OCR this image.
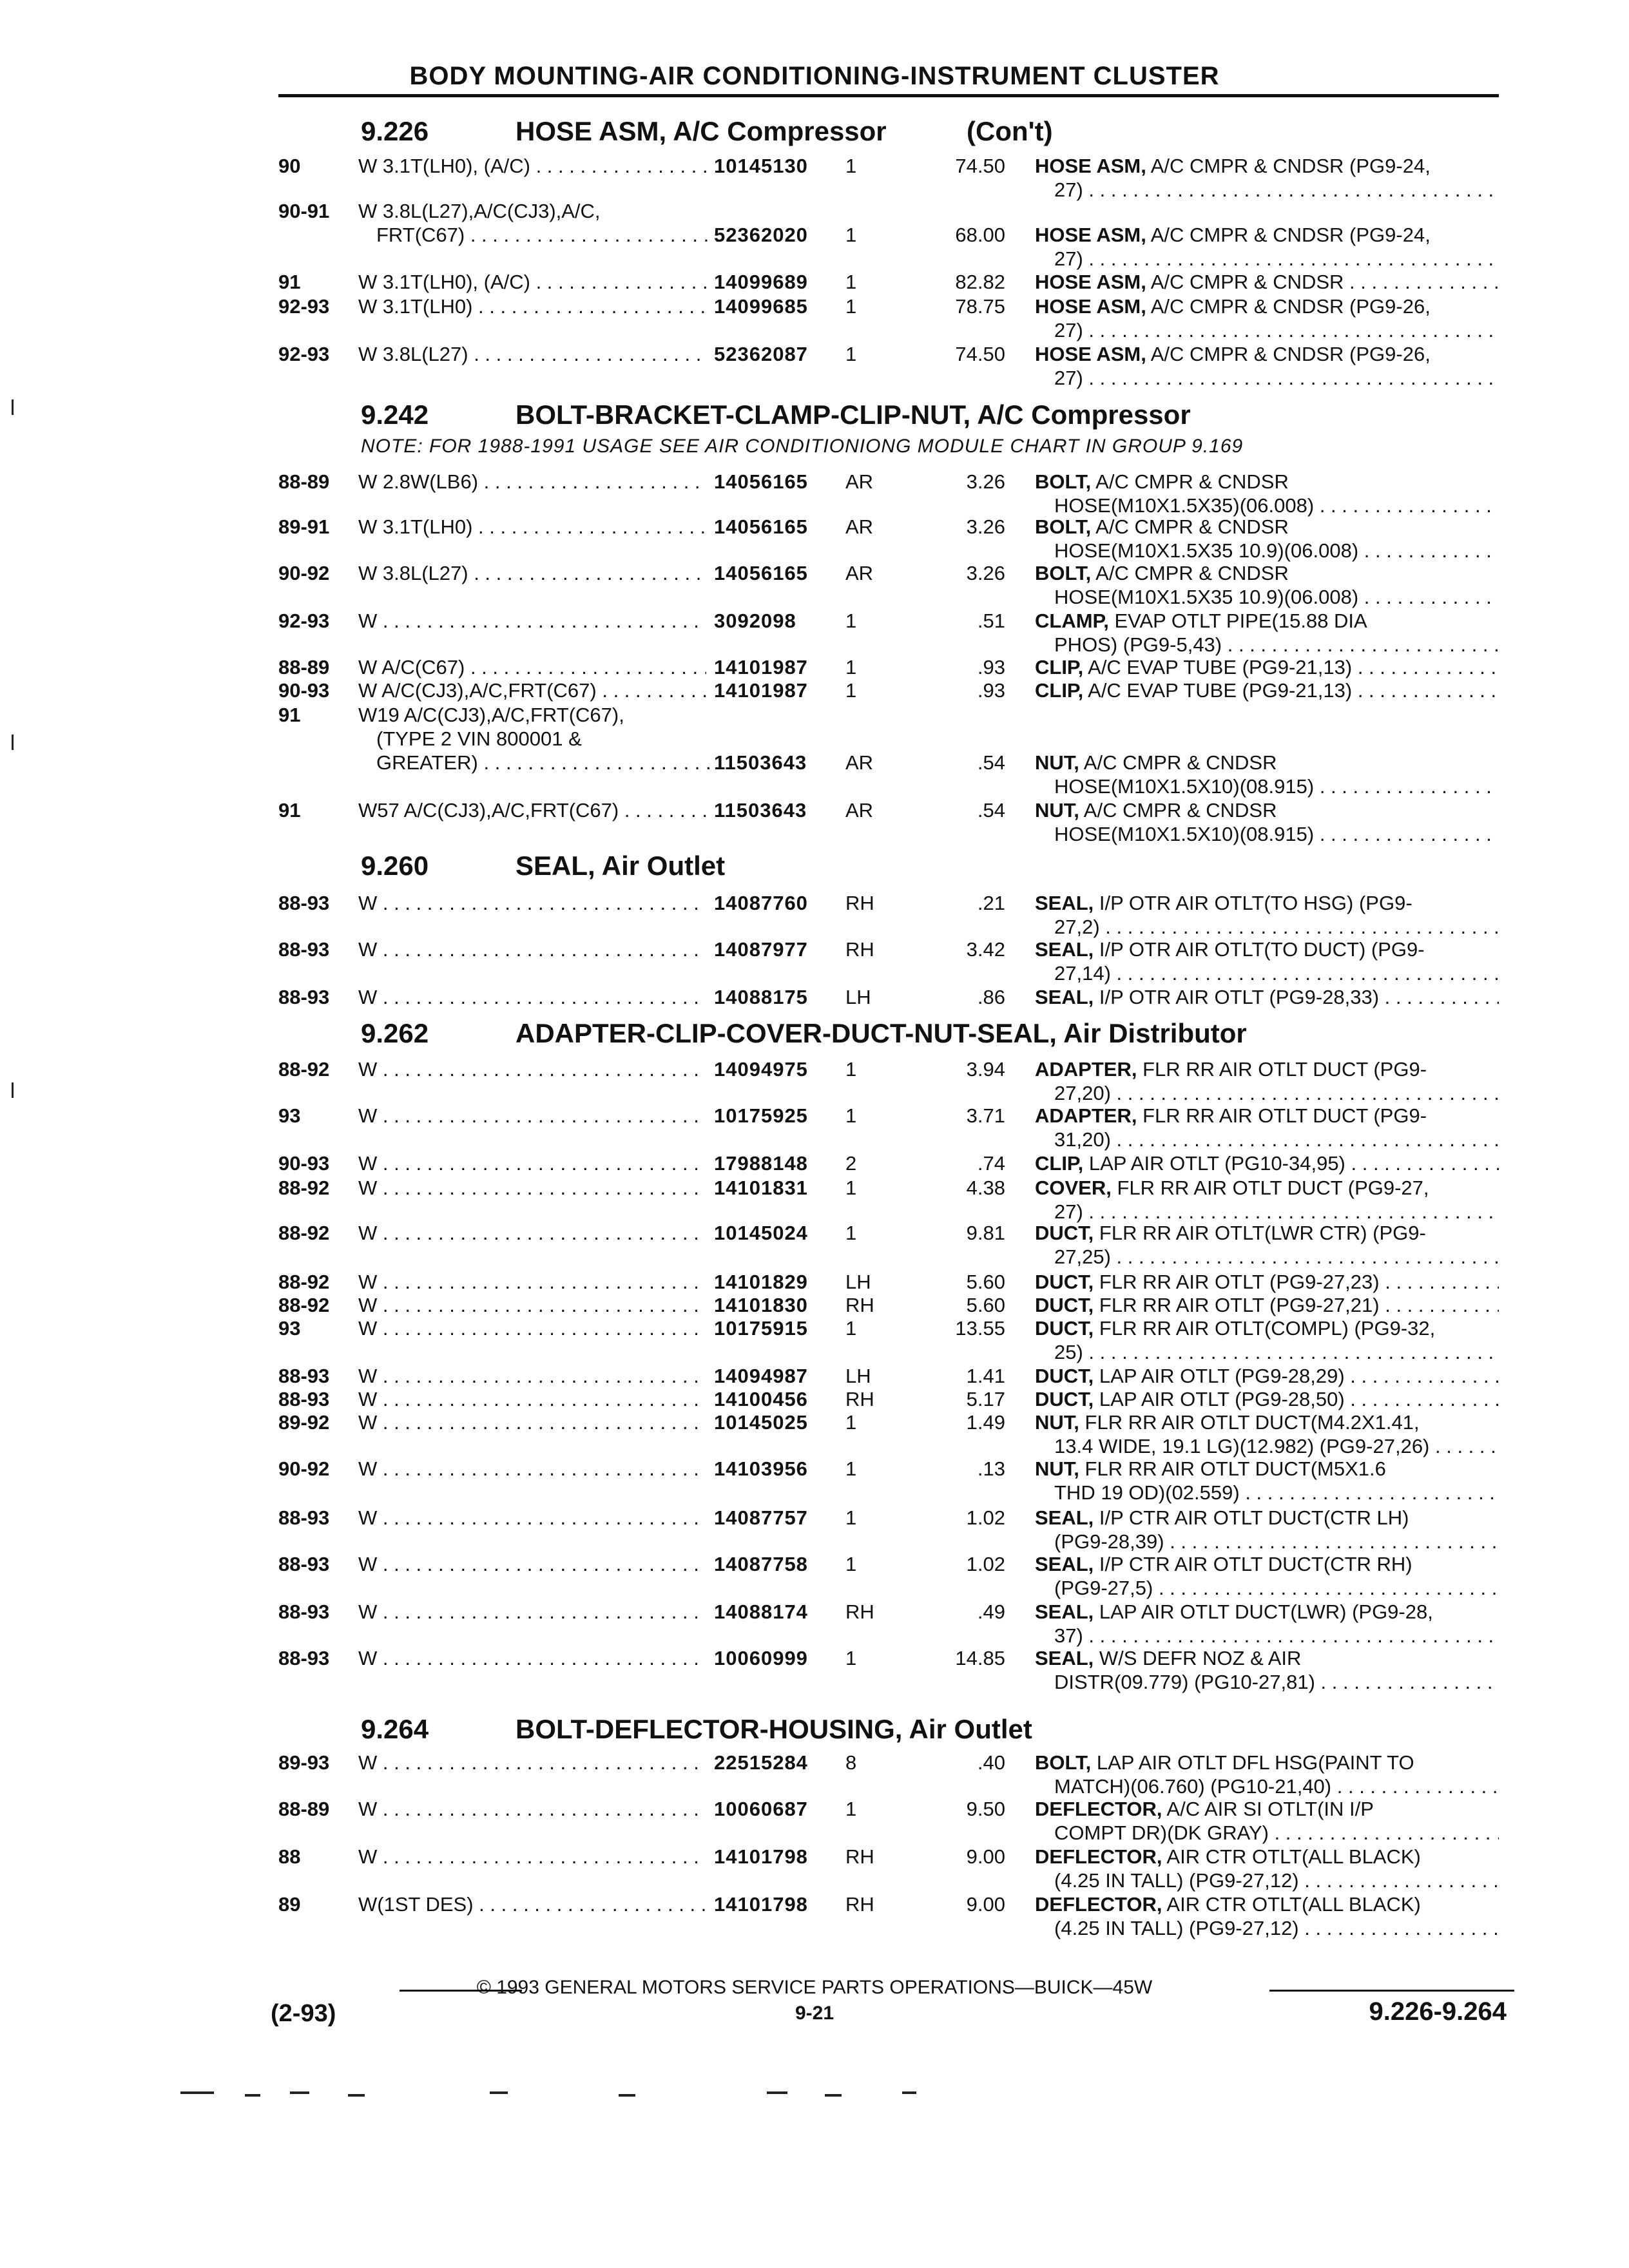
BODY MOUNTING-AIR CONDITIONING-INSTRUMENT CLUSTER
9.226	HOSE ASM, A/C Compressor	(Con't)
90	W 3.1T(LH0), (A/C) . . .	10145130 1	74.50 HOSE ASM, A/C CMPR & CNDSR (PG9-24,
27) . . .
90-91 W 3.8L(L27),A/C(CJ3),A/C,
FRT(C67) . . .	52362020 1	68.00 HOSE ASM, A/C CMPR & CNDSR (PG9-24,
27) . . .
91	W 3.1T(LH0), (A/C) . . .	14099689 1	82.82 HOSE ASM, A/C CMPR & CNDSR . . .
92-93 W 3.1T(LH0) . . .	14099685 1	78.75 HOSE ASM, A/C CMPR & CNDSR (PG9-26,
27) . . .
92-93 W 3.8L(L27) . . .	52362087 1	74.50 HOSE ASM, A/C CMPR & CNDSR (PG9-26,
27) . . .
9.242	BOLT-BRACKET-CLAMP-CLIP-NUT, A/C Compressor
NOTE: FOR 1988-1991 USAGE SEE AIR CONDITIONIONG MODULE CHART IN GROUP 9.169
88-89 W 2.8W(LB6) . . .	14056165 AR	3.26 BOLT, A/C CMPR & CNDSR
HOSE(M10X1.5X35)(06.008) . . .
89-91 W 3.1T(LH0) . . .	14056165 AR	3.26 BOLT, A/C CMPR & CNDSR
HOSE(M10X1.5X35 10.9)(06.008) . . .
90-92 W 3.8L(L27) . . .	14056165 AR	3.26 BOLT, A/C CMPR & CNDSR
HOSE(M10X1.5X35 10.9)(06.008) . . .
92-93 W . . .	3092098 1	.51 CLAMP, EVAP OTLT PIPE(15.88 DIA
PHOS) (PG9-5,43) . . .
88-89 W A/C(C67) . . .	14101987 1	.93 CLIP, A/C EVAP TUBE (PG9-21,13) . . .
90-93 W A/C(CJ3),A/C,FRT(C67) . . .	14101987 1	.93 CLIP, A/C EVAP TUBE (PG9-21,13) . . .
91	W19 A/C(CJ3),A/C,FRT(C67),
(TYPE 2 VIN 800001 &
GREATER) . . .	11503643 AR	.54 NUT, A/C CMPR & CNDSR
HOSE(M10X1.5X10)(08.915) . . .
91	W57 A/C(CJ3),A/C,FRT(C67) . . .	11503643 AR	.54 NUT, A/C CMPR & CNDSR
HOSE(M10X1.5X10)(08.915) . . .
9.260	SEAL, Air Outlet
88-93 W . . .	14087760 RH	.21 SEAL, I/P OTR AIR OTLT(TO HSG) (PG9-
27,2) . . .
88-93 W . . .	14087977 RH	3.42 SEAL, I/P OTR AIR OTLT(TO DUCT) (PG9-
27,14) . . .
88-93 W . . .	14088175 LH	.86 SEAL, I/P OTR AIR OTLT (PG9-28,33) . . .
9.262	ADAPTER-CLIP-COVER-DUCT-NUT-SEAL, Air Distributor
88-92 W . . .	14094975 1	3.94 ADAPTER, FLR RR AIR OTLT DUCT (PG9-
27,20) . . .
93	W . . .	10175925 1	3.71 ADAPTER, FLR RR AIR OTLT DUCT (PG9-
31,20) . . .
90-93 W . . .	17988148 2	.74 CLIP, LAP AIR OTLT (PG10-34,95) . . .
88-92 W . . .	14101831 1	4.38 COVER, FLR RR AIR OTLT DUCT (PG9-27,
27) . . .
88-92 W . . .	10145024 1	9.81 DUCT, FLR RR AIR OTLT(LWR CTR) (PG9-
27,25) . . .
88-92 W . . .	14101829 LH	5.60 DUCT, FLR RR AIR OTLT (PG9-27,23) . . .
88-92 W . . .	14101830 RH	5.60 DUCT, FLR RR AIR OTLT (PG9-27,21) . . .
93	W . . .	10175915 1	13.55 DUCT, FLR RR AIR OTLT(COMPL) (PG9-32,
25) . . .
88-93 W . . .	14094987 LH	1.41 DUCT, LAP AIR OTLT (PG9-28,29) . . .
88-93 W . . .	14100456 RH	5.17 DUCT, LAP AIR OTLT (PG9-28,50) . . .
89-92 W . . .	10145025 1	1.49 NUT, FLR RR AIR OTLT DUCT(M4.2X1.41,
13.4 WIDE, 19.1 LG)(12.982) (PG9-27,26) . . .
90-92 W . . .	14103956 1	.13 NUT, FLR RR AIR OTLT DUCT(M5X1.6
THD 19 OD)(02.559) . . .
88-93 W . . .	14087757 1	1.02 SEAL, I/P CTR AIR OTLT DUCT(CTR LH)
(PG9-28,39) . . .
88-93 W . . .	14087758 1	1.02 SEAL, I/P CTR AIR OTLT DUCT(CTR RH)
(PG9-27,5) . . .
88-93 W . . .	14088174 RH	.49 SEAL, LAP AIR OTLT DUCT(LWR) (PG9-28,
37) . . .
88-93 W . . .	10060999 1	14.85 SEAL, W/S DEFR NOZ & AIR
DISTR(09.779) (PG10-27,81) . . .
9.264	BOLT-DEFLECTOR-HOUSING, Air Outlet
89-93 W . . .	22515284 8	.40 BOLT, LAP AIR OTLT DFL HSG(PAINT TO
MATCH)(06.760) (PG10-21,40) . . .
88-89 W . . .	10060687 1	9.50 DEFLECTOR, A/C AIR SI OTLT(IN I/P
COMPT DR)(DK GRAY) . . .
88	W . . .	14101798 RH	9.00 DEFLECTOR, AIR CTR OTLT(ALL BLACK)
(4.25 IN TALL) (PG9-27,12) . . .
89	W(1ST DES) . . .	14101798 RH	9.00 DEFLECTOR, AIR CTR OTLT(ALL BLACK)
(4.25 IN TALL) (PG9-27,12) . . .
© 1993 GENERAL MOTORS SERVICE PARTS OPERATIONS—BUICK—45W
(2-93)	9-21	9.226-9.264
